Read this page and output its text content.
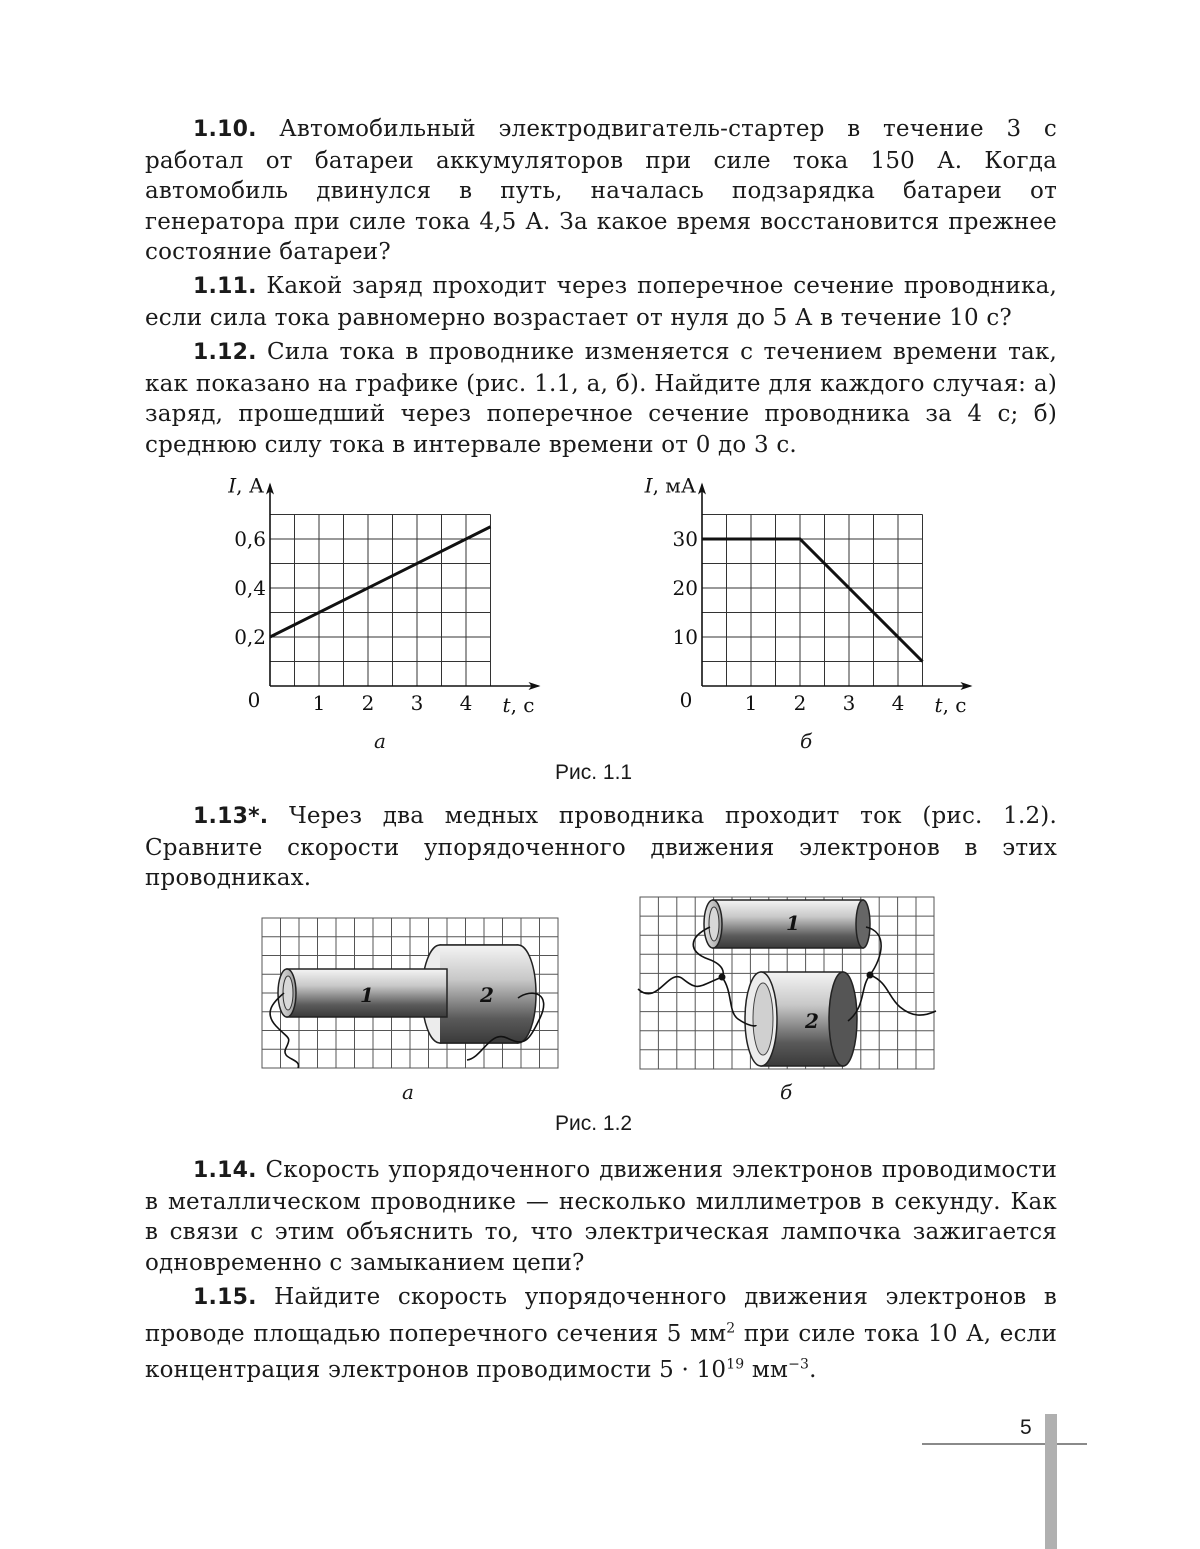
1.10. Автомобильный электродвигатель-стартер в течение 3 с работал от батареи аккумуляторов при силе тока 150 А. Когда автомобиль двинулся в путь, началась подзарядка батареи от генератора при силе тока 4,5 А. За какое время восстановится прежнее состояние батареи?
1.11. Какой заряд проходит через поперечное сечение проводника, если сила тока равномерно возрастает от нуля до 5 А в течение 10 с?
1.12. Сила тока в проводнике изменяется с течением времени так, как показано на графике (рис. 1.1, а, б). Найдите для каждого случая: а) заряд, прошедший через поперечное сечение проводника за 4 с; б) среднюю силу тока в интервале времени от 0 до 3 с.
0	1 2 3 4
0,2
0,4
0,6
I, А
t, с	0	1 2 3 4
10
20
30
I, мА
t, с
а	б
Рис. 1.1
1.13*. Через два медных проводника проходит ток (рис. 1.2). Сравните скорости упорядоченного движения электронов в этих проводниках.
1	2
1
2
а	б
Рис. 1.2
1.14. Скорость упорядоченного движения электронов проводимости в металлическом проводнике — несколько миллиметров в секунду. Как в связи с этим объяснить то, что электрическая лампочка зажигается одновременно с замыканием цепи?
1.15. Найдите скорость упорядоченного движения электронов в проводе площадью поперечного сечения 5 $мм^2$ при силе тока 10 А, если концентрация электронов проводимости $5 \cdot 10^{19}$ $мм^{-3}$.
5
